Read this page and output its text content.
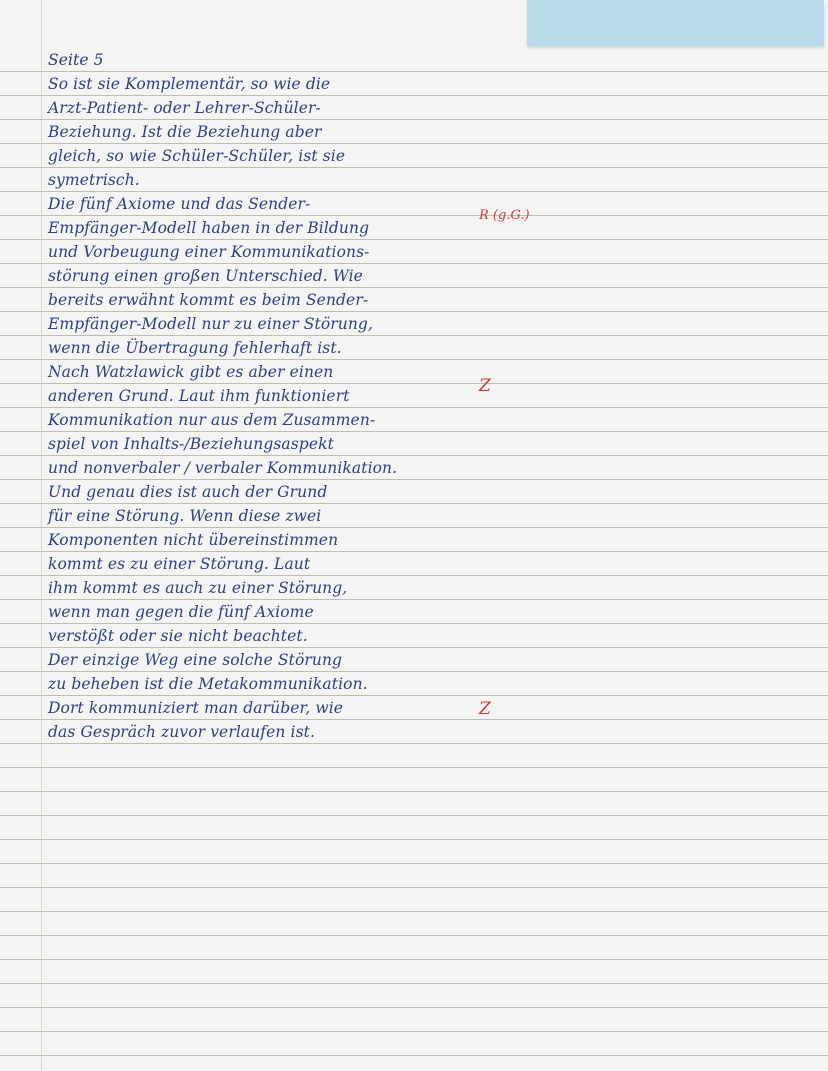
Seite 5
So ist sie Komplementär, so wie die
Arzt-Patient- oder Lehrer-Schüler-
Beziehung. Ist die Beziehung aber
gleich, so wie Schüler-Schüler, ist sie
symetrisch.
Die fünf Axiome und das Sender-
Empfänger-Modell haben in der Bildung
und Vorbeugung einer Kommunikations-
störung einen großen Unterschied. Wie
bereits erwähnt kommt es beim Sender-
Empfänger-Modell nur zu einer Störung,
wenn die Übertragung fehlerhaft ist.
Nach Watzlawick gibt es aber einen
anderen Grund. Laut ihm funktioniert
Kommunikation nur aus dem Zusammen-
spiel von Inhalts-/Beziehungsaspekt
und nonverbaler / verbaler Kommunikation.
Und genau dies ist auch der Grund
für eine Störung. Wenn diese zwei
Komponenten nicht übereinstimmen
kommt es zu einer Störung. Laut
ihm kommt es auch zu einer Störung,
wenn man gegen die fünf Axiome
verstößt oder sie nicht beachtet.
Der einzige Weg eine solche Störung
zu beheben ist die Metakommunikation.
Dort kommuniziert man darüber, wie
das Gespräch zuvor verlaufen ist.
R (g.G.)
Z
Z
